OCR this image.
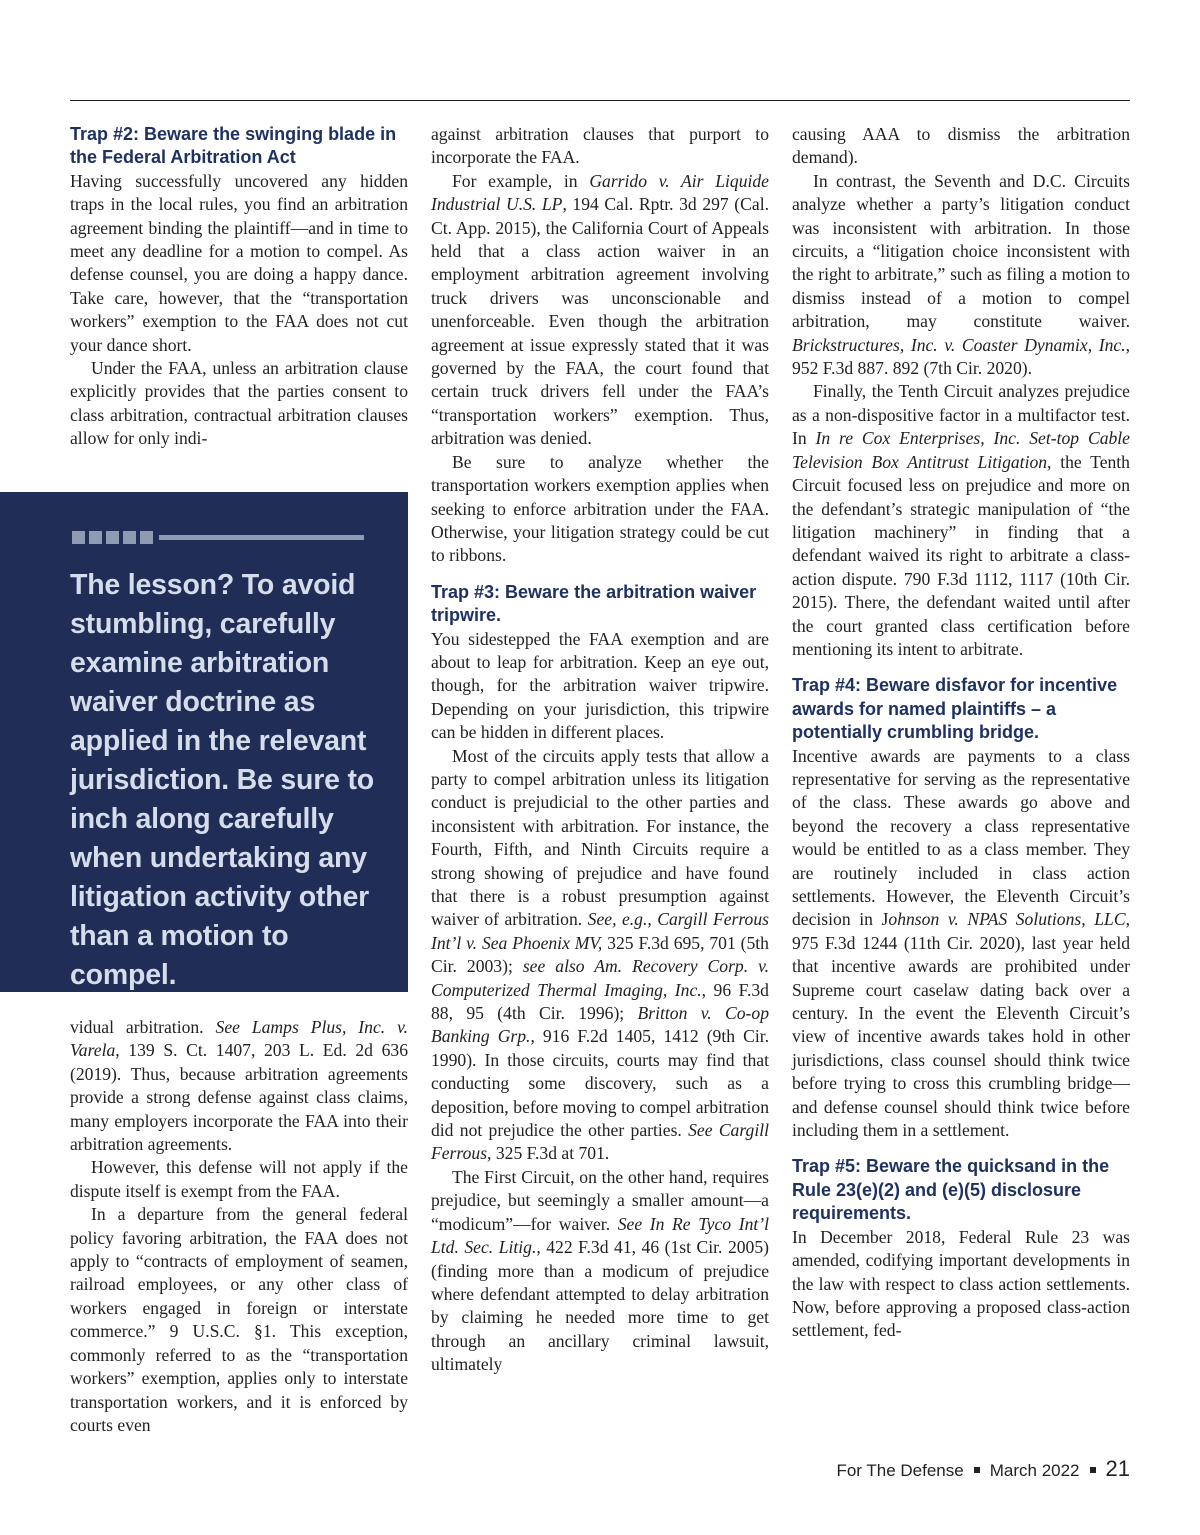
Trap #2: Beware the swinging blade in the Federal Arbitration Act

Having successfully uncovered any hidden traps in the local rules, you find an arbitration agreement binding the plaintiff—and in time to meet any deadline for a motion to compel. As defense counsel, you are doing a happy dance. Take care, however, that the “transportation workers” exemption to the FAA does not cut your dance short.

Under the FAA, unless an arbitration clause explicitly provides that the parties consent to class arbitration, contractual arbitration clauses allow for only indi-

The lesson? To avoid stumbling, carefully examine arbitration waiver doctrine as applied in the relevant jurisdiction. Be sure to inch along carefully when undertaking any litigation activity other than a motion to compel.

vidual arbitration. See Lamps Plus, Inc. v. Varela, 139 S. Ct. 1407, 203 L. Ed. 2d 636 (2019). Thus, because arbitration agreements provide a strong defense against class claims, many employers incorporate the FAA into their arbitration agreements.

However, this defense will not apply if the dispute itself is exempt from the FAA.

In a departure from the general federal policy favoring arbitration, the FAA does not apply to “contracts of employment of seamen, railroad employees, or any other class of workers engaged in foreign or interstate commerce.” 9 U.S.C. §1. This exception, commonly referred to as the “transportation workers” exemption, applies only to interstate transportation workers, and it is enforced by courts even

against arbitration clauses that purport to incorporate the FAA.

For example, in Garrido v. Air Liquide Industrial U.S. LP, 194 Cal. Rptr. 3d 297 (Cal. Ct. App. 2015), the California Court of Appeals held that a class action waiver in an employment arbitration agreement involving truck drivers was unconscionable and unenforceable. Even though the arbitration agreement at issue expressly stated that it was governed by the FAA, the court found that certain truck drivers fell under the FAA’s “transportation workers” exemption. Thus, arbitration was denied.

Be sure to analyze whether the transportation workers exemption applies when seeking to enforce arbitration under the FAA. Otherwise, your litigation strategy could be cut to ribbons.

Trap #3: Beware the arbitration waiver tripwire.

You sidestepped the FAA exemption and are about to leap for arbitration. Keep an eye out, though, for the arbitration waiver tripwire. Depending on your jurisdiction, this tripwire can be hidden in different places.

Most of the circuits apply tests that allow a party to compel arbitration unless its litigation conduct is prejudicial to the other parties and inconsistent with arbitration. For instance, the Fourth, Fifth, and Ninth Circuits require a strong showing of prejudice and have found that there is a robust presumption against waiver of arbitration. See, e.g., Cargill Ferrous Int’l v. Sea Phoenix MV, 325 F.3d 695, 701 (5th Cir. 2003); see also Am. Recovery Corp. v. Computerized Thermal Imaging, Inc., 96 F.3d 88, 95 (4th Cir. 1996); Britton v. Co-op Banking Grp., 916 F.2d 1405, 1412 (9th Cir. 1990). In those circuits, courts may find that conducting some discovery, such as a deposition, before moving to compel arbitration did not prejudice the other parties. See Cargill Ferrous, 325 F.3d at 701.

The First Circuit, on the other hand, requires prejudice, but seemingly a smaller amount—a “modicum”—for waiver. See In Re Tyco Int’l Ltd. Sec. Litig., 422 F.3d 41, 46 (1st Cir. 2005) (finding more than a modicum of prejudice where defendant attempted to delay arbitration by claiming he needed more time to get through an ancillary criminal lawsuit, ultimately

causing AAA to dismiss the arbitration demand).

In contrast, the Seventh and D.C. Circuits analyze whether a party’s litigation conduct was inconsistent with arbitration. In those circuits, a “litigation choice inconsistent with the right to arbitrate,” such as filing a motion to dismiss instead of a motion to compel arbitration, may constitute waiver. Brickstructures, Inc. v. Coaster Dynamix, Inc., 952 F.3d 887. 892 (7th Cir. 2020).

Finally, the Tenth Circuit analyzes prejudice as a non-dispositive factor in a multifactor test. In In re Cox Enterprises, Inc. Set-top Cable Television Box Antitrust Litigation, the Tenth Circuit focused less on prejudice and more on the defendant’s strategic manipulation of “the litigation machinery” in finding that a defendant waived its right to arbitrate a class-action dispute. 790 F.3d 1112, 1117 (10th Cir. 2015). There, the defendant waited until after the court granted class certification before mentioning its intent to arbitrate.

Trap #4: Beware disfavor for incentive awards for named plaintiffs – a potentially crumbling bridge.

Incentive awards are payments to a class representative for serving as the representative of the class. These awards go above and beyond the recovery a class representative would be entitled to as a class member. They are routinely included in class action settlements. However, the Eleventh Circuit’s decision in Johnson v. NPAS Solutions, LLC, 975 F.3d 1244 (11th Cir. 2020), last year held that incentive awards are prohibited under Supreme court caselaw dating back over a century. In the event the Eleventh Circuit’s view of incentive awards takes hold in other jurisdictions, class counsel should think twice before trying to cross this crumbling bridge—and defense counsel should think twice before including them in a settlement.

Trap #5: Beware the quicksand in the Rule 23(e)(2) and (e)(5) disclosure requirements.

In December 2018, Federal Rule 23 was amended, codifying important developments in the law with respect to class action settlements. Now, before approving a proposed class-action settlement, fed-

For The Defense March 2022 21
